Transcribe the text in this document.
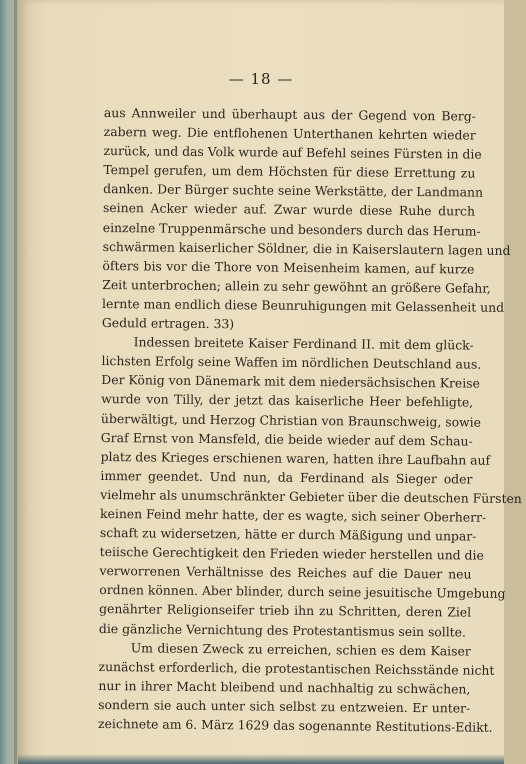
— 18 —
aus Annweiler und überhaupt aus der Gegend von Berg-
zabern weg. Die entflohenen Unterthanen kehrten wieder
zurück, und das Volk wurde auf Befehl seines Fürsten in die
Tempel gerufen, um dem Höchsten für diese Errettung zu
danken. Der Bürger suchte seine Werkstätte, der Landmann
seinen Acker wieder auf. Zwar wurde diese Ruhe durch
einzelne Truppenmärsche und besonders durch das Herum-
schwärmen kaiserlicher Söldner, die in Kaiserslautern lagen und
öfters bis vor die Thore von Meisenheim kamen, auf kurze
Zeit unterbrochen; allein zu sehr gewöhnt an größere Gefahr,
lernte man endlich diese Beunruhigungen mit Gelassenheit und
Geduld ertragen. 33)
Indessen breitete Kaiser Ferdinand II. mit dem glück-
lichsten Erfolg seine Waffen im nördlichen Deutschland aus.
Der König von Dänemark mit dem niedersächsischen Kreise
wurde von Tilly, der jetzt das kaiserliche Heer befehligte,
überwältigt, und Herzog Christian von Braunschweig, sowie
Graf Ernst von Mansfeld, die beide wieder auf dem Schau-
platz des Krieges erschienen waren, hatten ihre Laufbahn auf
immer geendet. Und nun, da Ferdinand als Sieger oder
vielmehr als unumschränkter Gebieter über die deutschen Fürsten
keinen Feind mehr hatte, der es wagte, sich seiner Oberherr-
schaft zu widersetzen, hätte er durch Mäßigung und unpar-
teiische Gerechtigkeit den Frieden wieder herstellen und die
verworrenen Verhältnisse des Reiches auf die Dauer neu
ordnen können. Aber blinder, durch seine jesuitische Umgebung
genährter Religionseifer trieb ihn zu Schritten, deren Ziel
die gänzliche Vernichtung des Protestantismus sein sollte.
Um diesen Zweck zu erreichen, schien es dem Kaiser
zunächst erforderlich, die protestantischen Reichsstände nicht
nur in ihrer Macht bleibend und nachhaltig zu schwächen,
sondern sie auch unter sich selbst zu entzweien. Er unter-
zeichnete am 6. März 1629 das sogenannte Restitutions-Edikt.
